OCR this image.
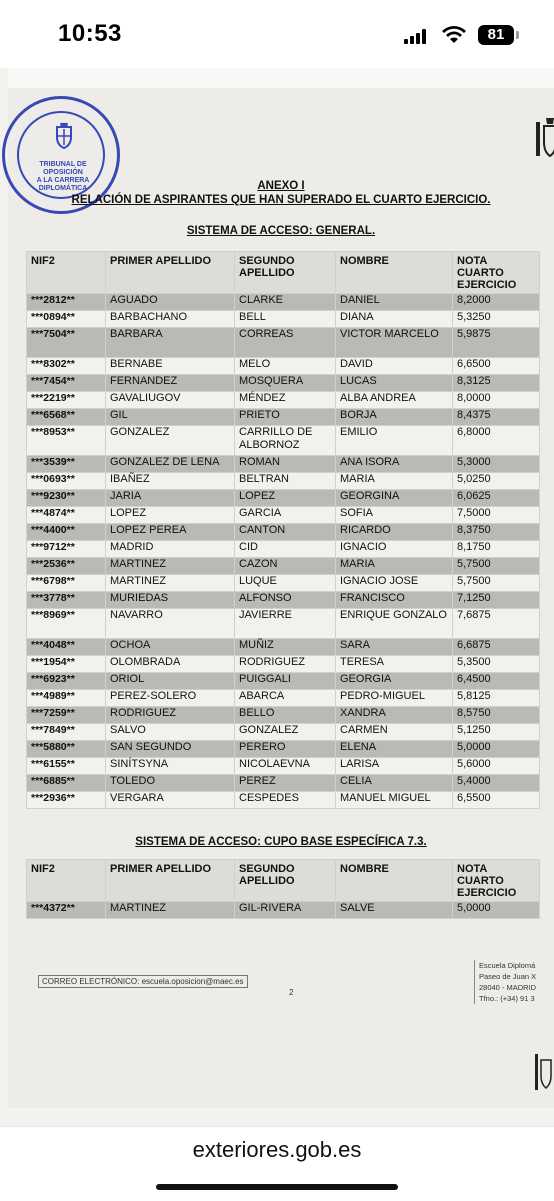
10:53	81
TRIBUNAL DE OPOSICIÓN
A LA CARRERA
DIPLOMÁTICA	ANEXO I
RELACIÓN DE ASPIRANTES QUE HAN SUPERADO EL CUARTO EJERCICIO.
SISTEMA DE ACCESO: GENERAL.
NIF2	PRIMER APELLIDO	SEGUNDO APELLIDO	NOMBRE	NOTA CUARTO EJERCICIO
***2812**	AGUADO	CLARKE	DANIEL	8,2000
***0894**	BARBACHANO	BELL	DIANA	5,3250
***7504**	BARBARA	CORREAS	VICTOR MARCELO	5,9875
***8302**	BERNABE	MELO	DAVID	6,6500
***7454**	FERNANDEZ	MOSQUERA	LUCAS	8,3125
***2219**	GAVALIUGOV	MÉNDEZ	ALBA ANDREA	8,0000
***6568**	GIL	PRIETO	BORJA	8,4375
***8953**	GONZALEZ	CARRILLO DE ALBORNOZ	EMILIO	6,8000
***3539**	GONZALEZ DE LENA	ROMAN	ANA ISORA	5,3000
***0693**	IBAÑEZ	BELTRAN	MARIA	5,0250
***9230**	JARIA	LOPEZ	GEORGINA	6,0625
***4874**	LOPEZ	GARCIA	SOFIA	7,5000
***4400**	LOPEZ PEREA	CANTON	RICARDO	8,3750
***9712**	MADRID	CID	IGNACIO	8,1750
***2536**	MARTINEZ	CAZON	MARIA	5,7500
***6798**	MARTINEZ	LUQUE	IGNACIO JOSE	5,7500
***3778**	MURIEDAS	ALFONSO	FRANCISCO	7,1250
***8969**	NAVARRO	JAVIERRE	ENRIQUE GONZALO	7,6875
***4048**	OCHOA	MUÑIZ	SARA	6,6875
***1954**	OLOMBRADA	RODRIGUEZ	TERESA	5,3500
***6923**	ORIOL	PUIGGALI	GEORGIA	6,4500
***4989**	PEREZ-SOLERO	ABARCA	PEDRO-MIGUEL	5,8125
***7259**	RODRIGUEZ	BELLO	XANDRA	8,5750
***7849**	SALVO	GONZALEZ	CARMEN	5,1250
***5880**	SAN SEGUNDO	PERERO	ELENA	5,0000
***6155**	SINÍTSYNA	NICOLAEVNA	LARISA	5,6000
***6885**	TOLEDO	PEREZ	CELIA	5,4000
***2936**	VERGARA	CESPEDES	MANUEL MIGUEL	6,5500
SISTEMA DE ACCESO: CUPO BASE ESPECÍFICA 7.3.
NIF2	PRIMER APELLIDO	SEGUNDO APELLIDO	NOMBRE	NOTA CUARTO EJERCICIO
***4372**	MARTINEZ	GIL-RIVERA	SALVE	5,0000
CORREO ELECTRÓNICO: escuela.oposicion@maec.es
2
Escuela Diplomá
Paseo de Juan X
28040 - MADRID
Tfno.: (+34) 91 3
exteriores.gob.es
